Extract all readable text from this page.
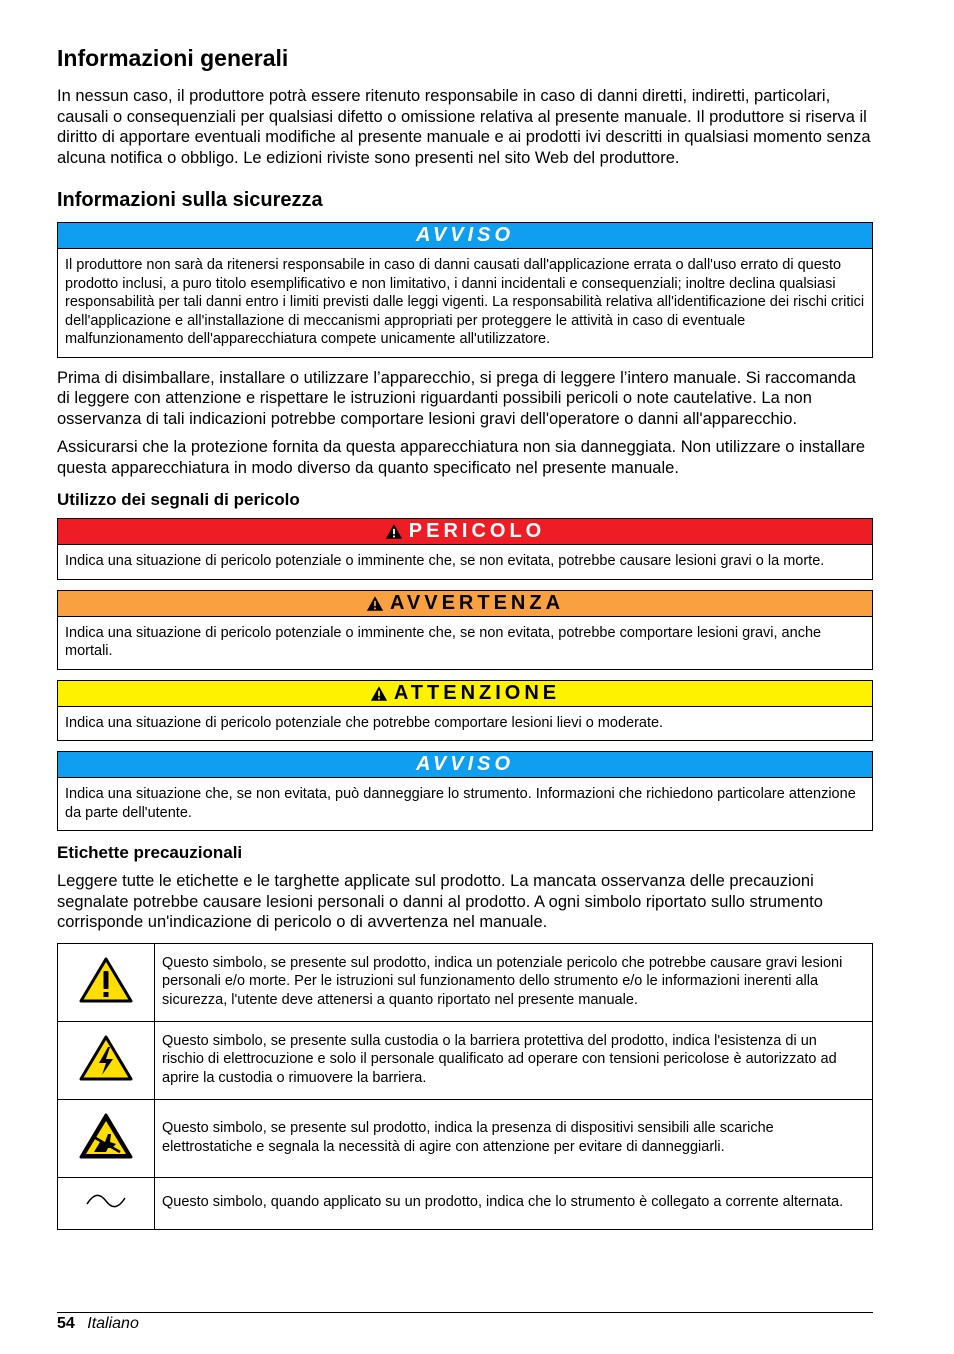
Informazioni generali

In nessun caso, il produttore potrà essere ritenuto responsabile in caso di danni diretti, indiretti, particolari, causali o consequenziali per qualsiasi difetto o omissione relativa al presente manuale. Il produttore si riserva il diritto di apportare eventuali modifiche al presente manuale e ai prodotti ivi descritti in qualsiasi momento senza alcuna notifica o obbligo. Le edizioni riviste sono presenti nel sito Web del produttore.

Informazioni sulla sicurezza
AVVISO
Il produttore non sarà da ritenersi responsabile in caso di danni causati dall'applicazione errata o dall'uso errato di questo prodotto inclusi, a puro titolo esemplificativo e non limitativo, i danni incidentali e consequenziali; inoltre declina qualsiasi responsabilità per tali danni entro i limiti previsti dalle leggi vigenti. La responsabilità relativa all'identificazione dei rischi critici dell'applicazione e all'installazione di meccanismi appropriati per proteggere le attività in caso di eventuale malfunzionamento dell'apparecchiatura compete unicamente all'utilizzatore.

Prima di disimballare, installare o utilizzare l’apparecchio, si prega di leggere l’intero manuale. Si raccomanda di leggere con attenzione e rispettare le istruzioni riguardanti possibili pericoli o note cautelative. La non osservanza di tali indicazioni potrebbe comportare lesioni gravi dell'operatore o danni all'apparecchio.

Assicurarsi che la protezione fornita da questa apparecchiatura non sia danneggiata. Non utilizzare o installare questa apparecchiatura in modo diverso da quanto specificato nel presente manuale.

Utilizzo dei segnali di pericolo
PERICOLO
Indica una situazione di pericolo potenziale o imminente che, se non evitata, potrebbe causare lesioni gravi o la morte.
AVVERTENZA
Indica una situazione di pericolo potenziale o imminente che, se non evitata, potrebbe comportare lesioni gravi, anche mortali.
ATTENZIONE
Indica una situazione di pericolo potenziale che potrebbe comportare lesioni lievi o moderate.
AVVISO
Indica una situazione che, se non evitata, può danneggiare lo strumento. Informazioni che richiedono particolare attenzione da parte dell'utente.
Etichette precauzionali

Leggere tutte le etichette e le targhette applicate sul prodotto. La mancata osservanza delle precauzioni segnalate potrebbe causare lesioni personali o danni al prodotto. A ogni simbolo riportato sullo strumento corrisponde un'indicazione di pericolo o di avvertenza nel manuale.

	Questo simbolo, se presente sul prodotto, indica un potenziale pericolo che potrebbe causare gravi lesioni personali e/o morte. Per le istruzioni sul funzionamento dello strumento e/o le informazioni inerenti alla sicurezza, l'utente deve attenersi a quanto riportato nel presente manuale.
	Questo simbolo, se presente sulla custodia o la barriera protettiva del prodotto, indica l'esistenza di un rischio di elettrocuzione e solo il personale qualificato ad operare con tensioni pericolose è autorizzato ad aprire la custodia o rimuovere la barriera.
	Questo simbolo, se presente sul prodotto, indica la presenza di dispositivi sensibili alle scariche elettrostatiche e segnala la necessità di agire con attenzione per evitare di danneggiarli.
	Questo simbolo, quando applicato su un prodotto, indica che lo strumento è collegato a corrente alternata.
54 Italiano
